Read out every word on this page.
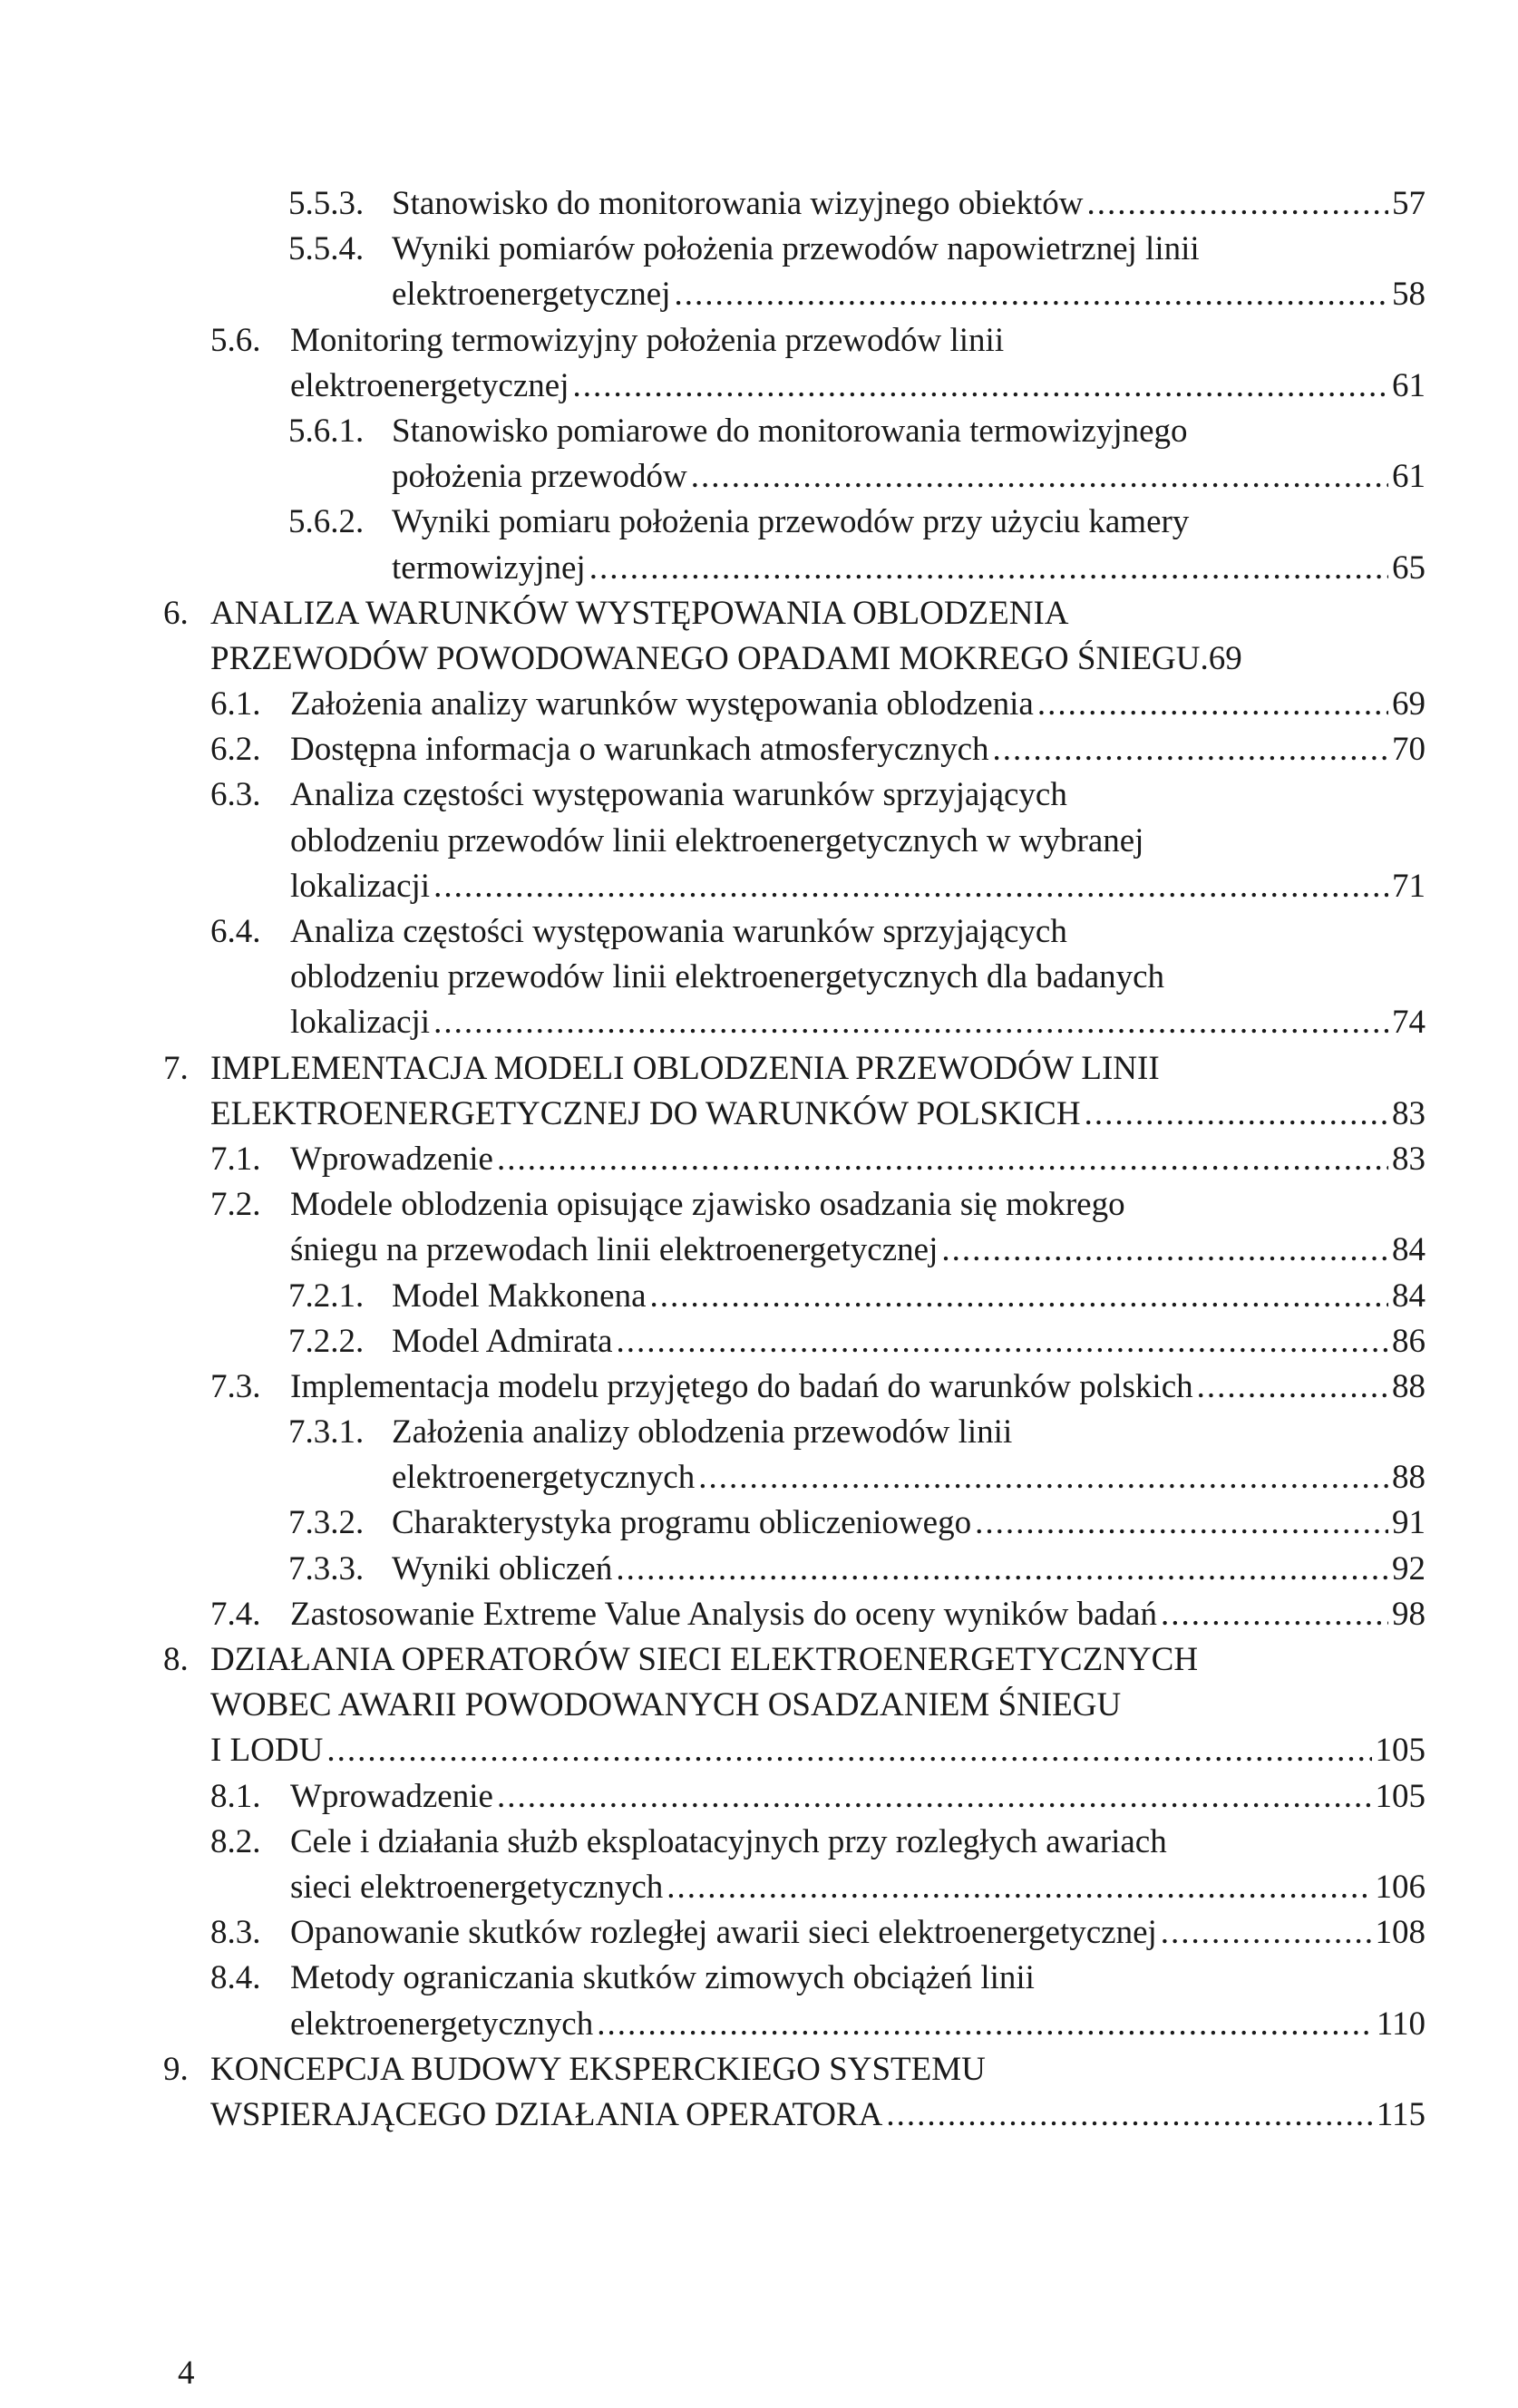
5.5.3. Stanowisko do monitorowania wizyjnego obiektów .....	57
5.5.4. Wyniki pomiarów położenia przewodów napowietrznej linii
elektroenergetycznej .....	58
5.6. Monitoring termowizyjny położenia przewodów linii
elektroenergetycznej .....	61
5.6.1. Stanowisko pomiarowe do monitorowania termowizyjnego
położenia przewodów .....	61
5.6.2. Wyniki pomiaru położenia przewodów przy użyciu kamery
termowizyjnej .....	65
6. ANALIZA WARUNKÓW WYSTĘPOWANIA OBLODZENIA
PRZEWODÓW POWODOWANEGO OPADAMI MOKREGO ŚNIEGU. 69
6.1. Założenia analizy warunków występowania oblodzenia .....	69
6.2. Dostępna informacja o warunkach atmosferycznych .....	70
6.3. Analiza częstości występowania warunków sprzyjających
oblodzeniu przewodów linii elektroenergetycznych w wybranej
lokalizacji .....	71
6.4. Analiza częstości występowania warunków sprzyjających
oblodzeniu przewodów linii elektroenergetycznych dla badanych
lokalizacji .....	74
7. IMPLEMENTACJA MODELI OBLODZENIA PRZEWODÓW LINII
ELEKTROENERGETYCZNEJ DO WARUNKÓW POLSKICH .....	83
7.1. Wprowadzenie .....	83
7.2. Modele oblodzenia opisujące zjawisko osadzania się mokrego
śniegu na przewodach linii elektroenergetycznej .....	84
7.2.1. Model Makkonena .....	84
7.2.2. Model Admirata .....	86
7.3. Implementacja modelu przyjętego do badań do warunków polskich .....	88
7.3.1. Założenia analizy oblodzenia przewodów linii
elektroenergetycznych .....	88
7.3.2. Charakterystyka programu obliczeniowego .....	91
7.3.3. Wyniki obliczeń .....	92
7.4. Zastosowanie Extreme Value Analysis do oceny wyników badań .....	98
8. DZIAŁANIA OPERATORÓW SIECI ELEKTROENERGETYCZNYCH
WOBEC AWARII POWODOWANYCH OSADZANIEM ŚNIEGU
I LODU .....	105
8.1. Wprowadzenie .....	105
8.2. Cele i działania służb eksploatacyjnych przy rozległych awariach
sieci elektroenergetycznych .....	106
8.3. Opanowanie skutków rozległej awarii sieci elektroenergetycznej .....	108
8.4. Metody ograniczania skutków zimowych obciążeń linii
elektroenergetycznych .....	110
9. KONCEPCJA BUDOWY EKSPERCKIEGO SYSTEMU
WSPIERAJĄCEGO DZIAŁANIA OPERATORA .....	115
4
